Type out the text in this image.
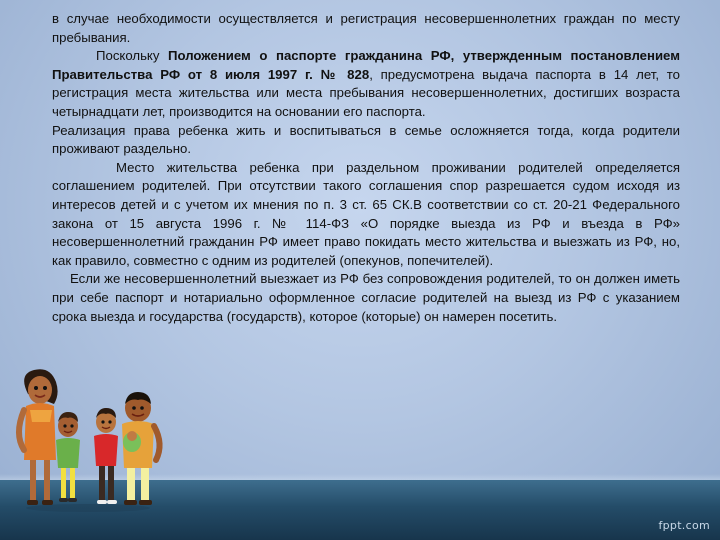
в случае необходимости осуществляется и регистрация несовершеннолетних граждан по месту пребывания.

Поскольку Положением о паспорте гражданина РФ, утвержденным постановлением Правительства РФ от 8 июля 1997 г. № 828, предусмотрена выдача паспорта в 14 лет, то регистрация места жительства или места пребывания несовершеннолетних, достигших возраста четырнадцати лет, производится на основании его паспорта.

Реализация права ребенка жить и воспитываться в семье осложняется тогда, когда родители проживают раздельно.

Место жительства ребенка при раздельном проживании родителей определяется соглашением родителей. При отсутствии такого соглашения спор разрешается судом исходя из интересов детей и с учетом их мнения по п. 3 ст. 65 СК.В соответствии со ст. 20-21 Федерального закона от 15 августа 1996 г. № 114-ФЗ «О порядке выезда из РФ и въезда в РФ» несовершеннолетний гражданин РФ имеет право покидать место жительства и выезжать из РФ, но, как правило, совместно с одним из родителей (опекунов, попечителей).

Если же несовершеннолетний выезжает из РФ без сопровождения родителей, то он должен иметь при себе паспорт и нотариально оформленное согласие родителей на выезд из РФ с указанием срока выезда и государства (государств), которое (которые) он намерен посетить.

fppt.com
